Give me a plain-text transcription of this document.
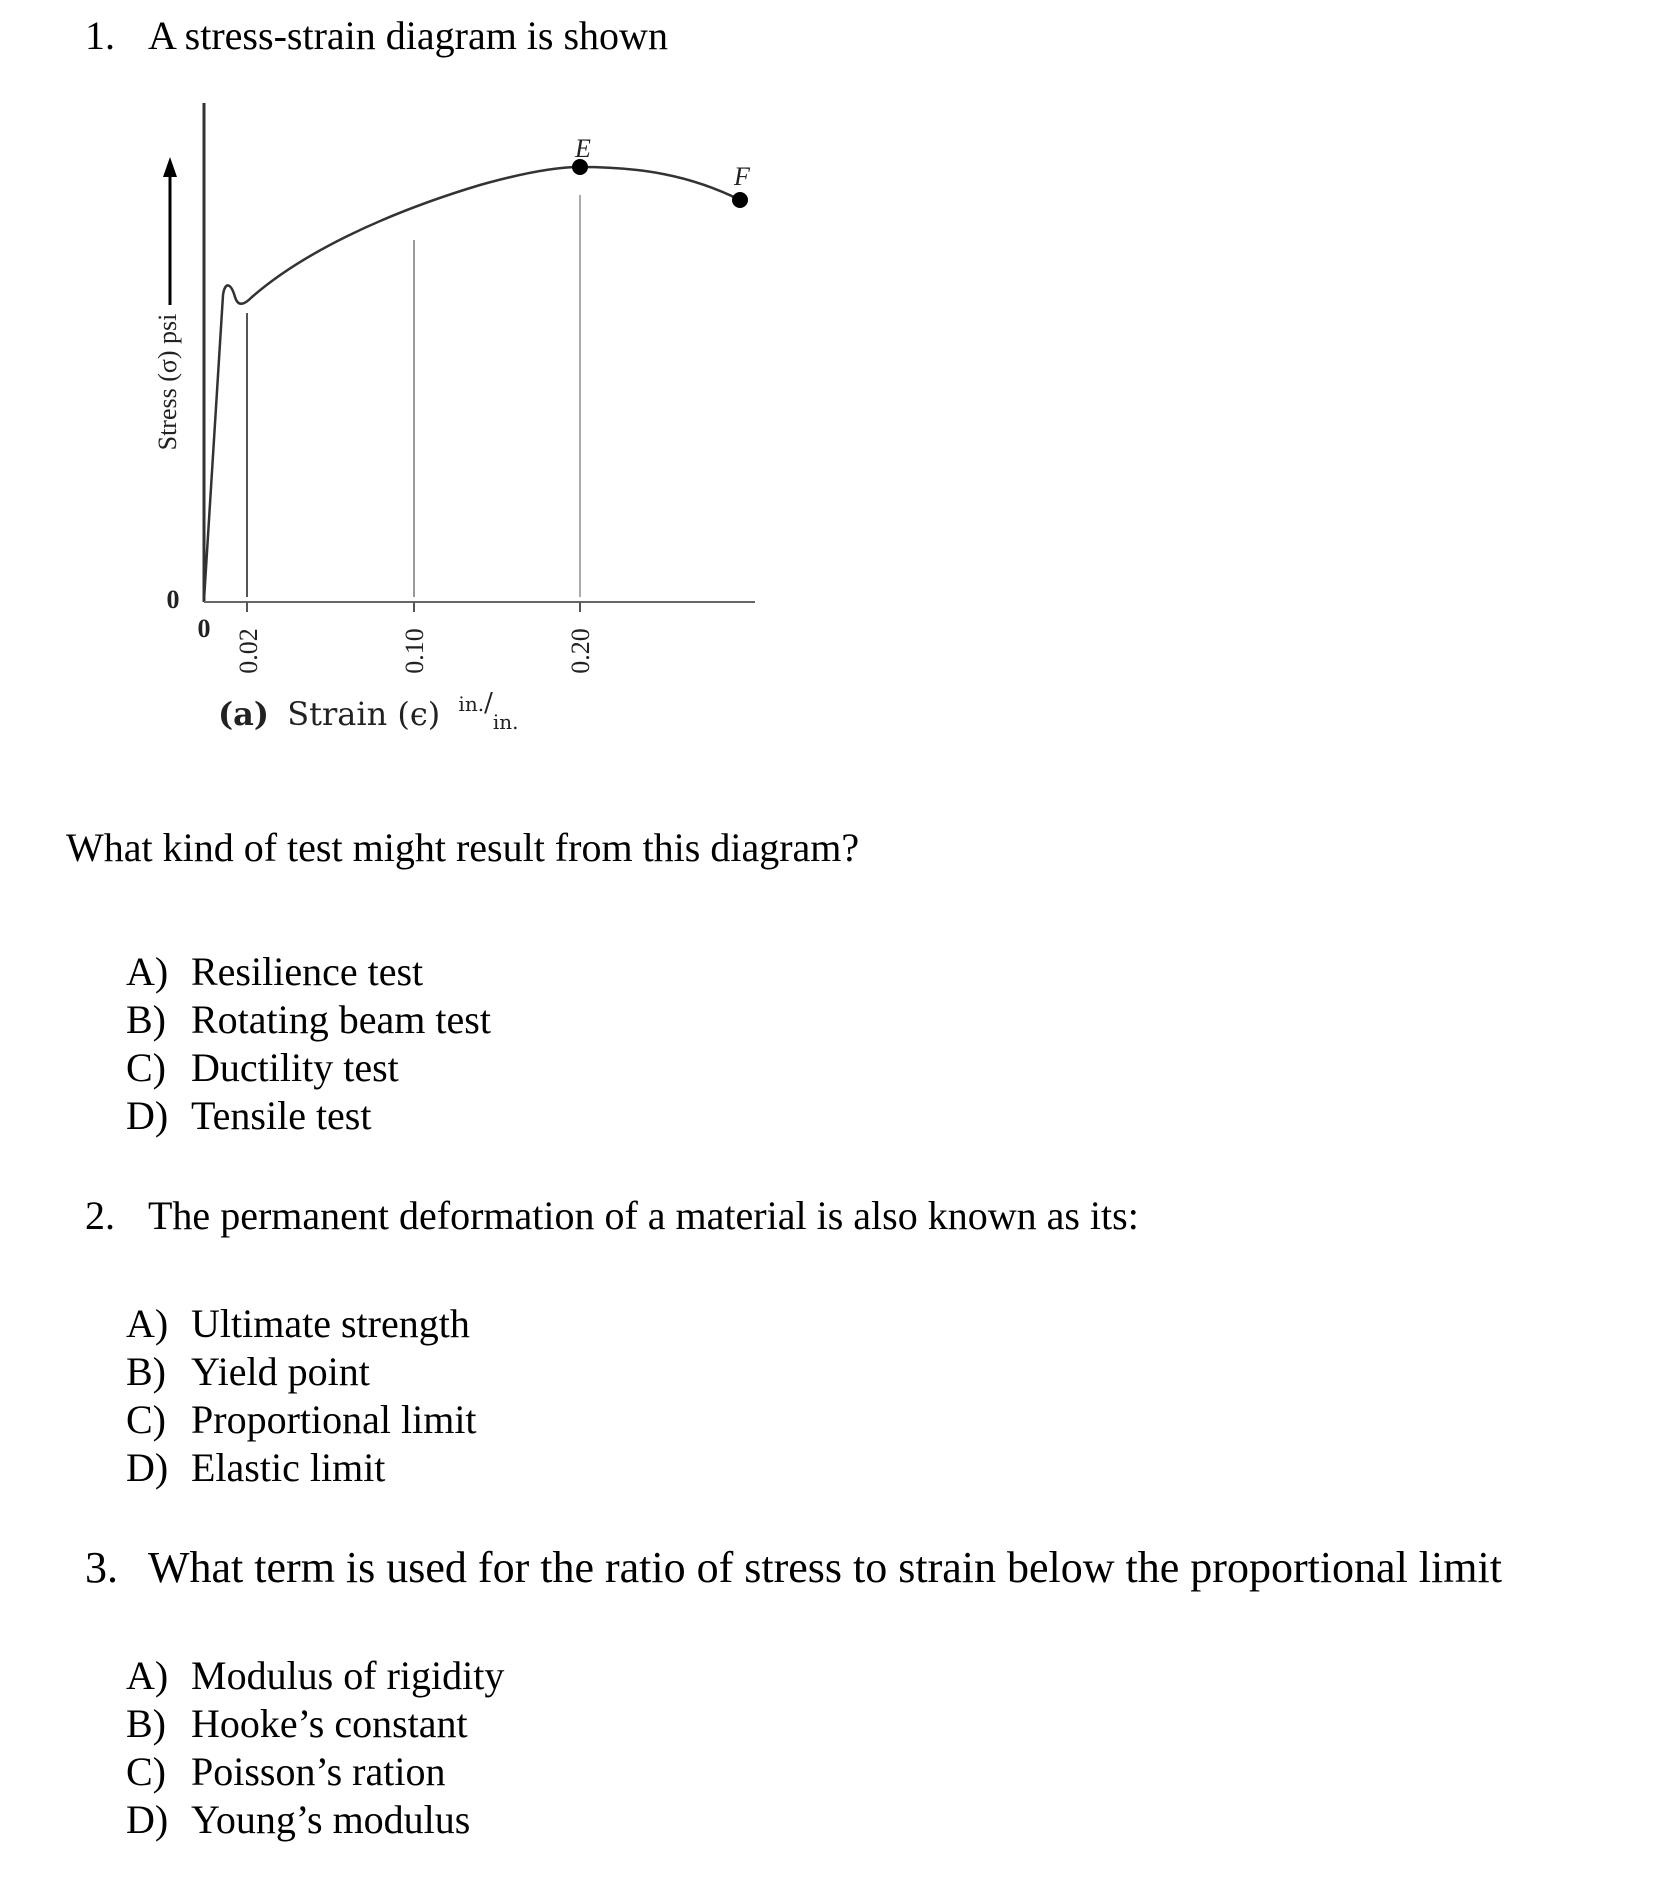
1. A stress-strain diagram is shown
Stress (σ) psi
0
0 0.02	0.10	0.20
E
F
(a) Strain (ϵ) $^{in.}/_{in.}$
What kind of test might result from this diagram?
A) Resilience test
B) Rotating beam test
C) Ductility test
D) Tensile test
2. The permanent deformation of a material is also known as its:
A) Ultimate strength
B) Yield point
C) Proportional limit
D) Elastic limit
3. What term is used for the ratio of stress to strain below the proportional limit
A) Modulus of rigidity
B) Hooke’s constant
C) Poisson’s ration
D) Young’s modulus
